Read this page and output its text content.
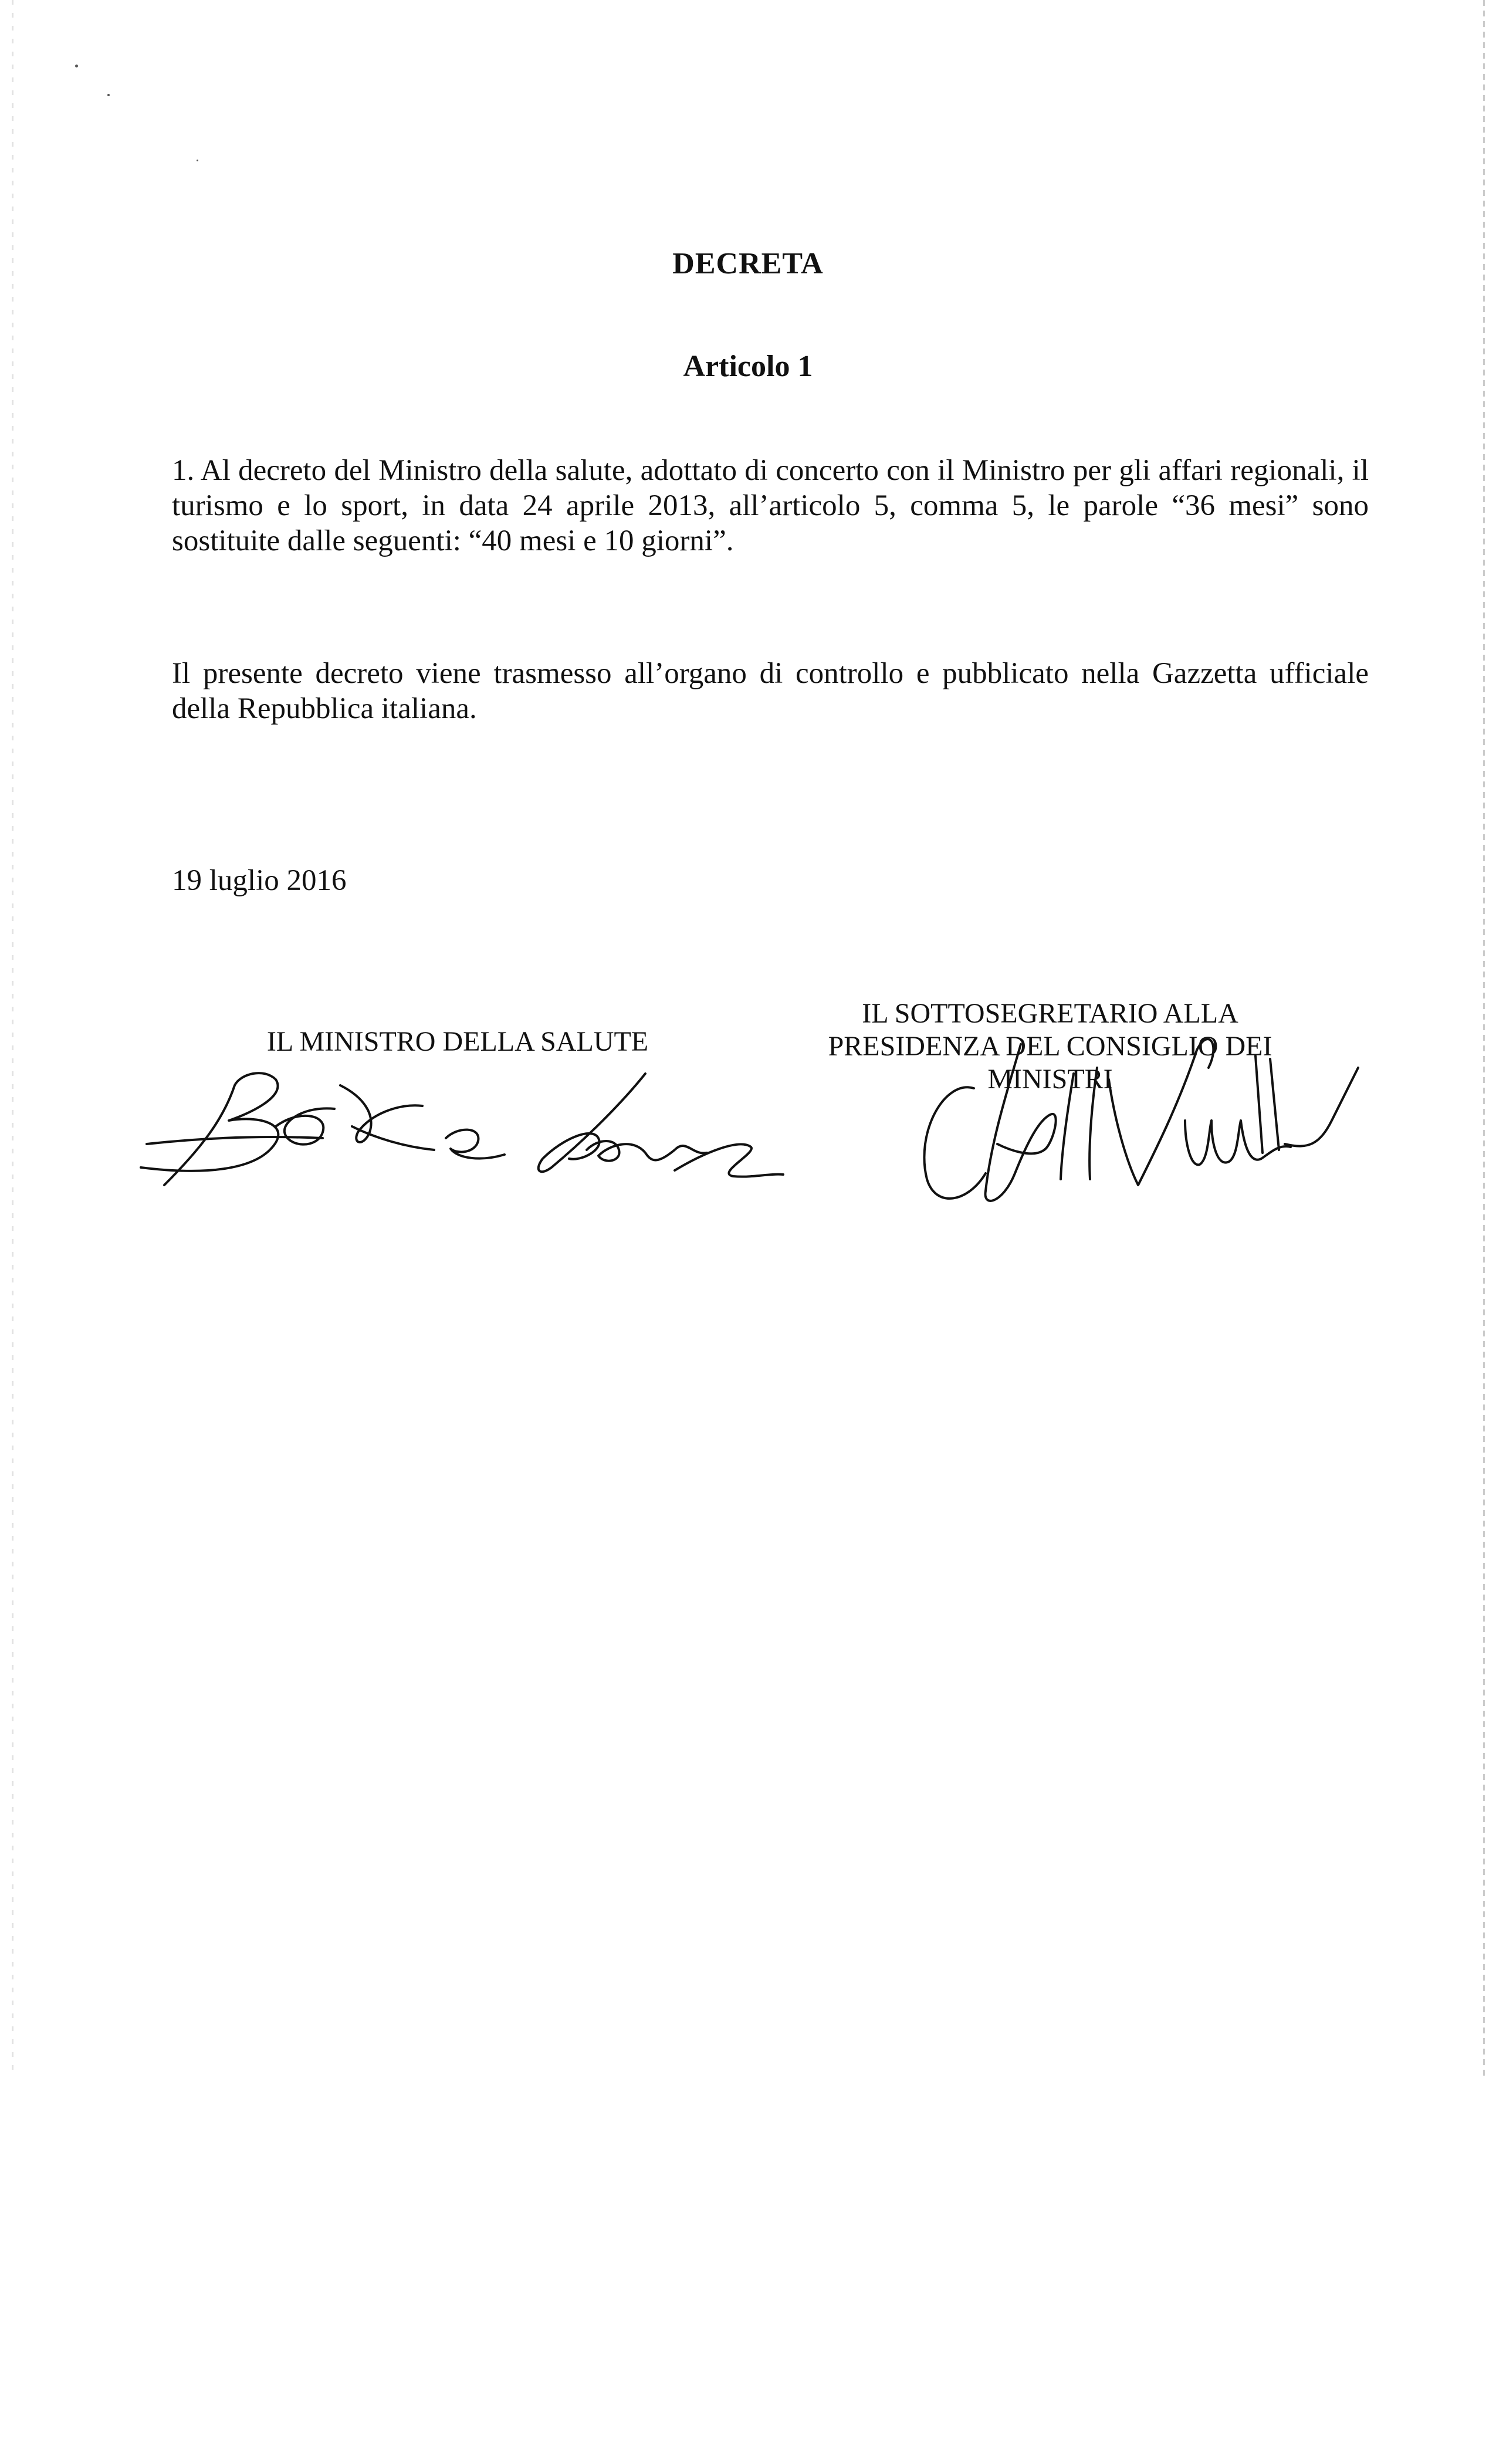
DECRETA
Articolo 1
1. Al decreto del Ministro della salute, adottato di concerto con il Ministro per gli affari regionali, il turismo e lo sport, in data 24 aprile 2013, all’articolo 5, comma 5, le parole “36 mesi” sono sostituite dalle seguenti: “40 mesi e 10 giorni”.
Il presente decreto viene trasmesso all’organo di controllo e pubblicato nella Gazzetta ufficiale della Repubblica italiana.
19 luglio 2016
IL MINISTRO DELLA SALUTE
IL SOTTOSEGRETARIO ALLA
PRESIDENZA DEL CONSIGLIO DEI
MINISTRI
